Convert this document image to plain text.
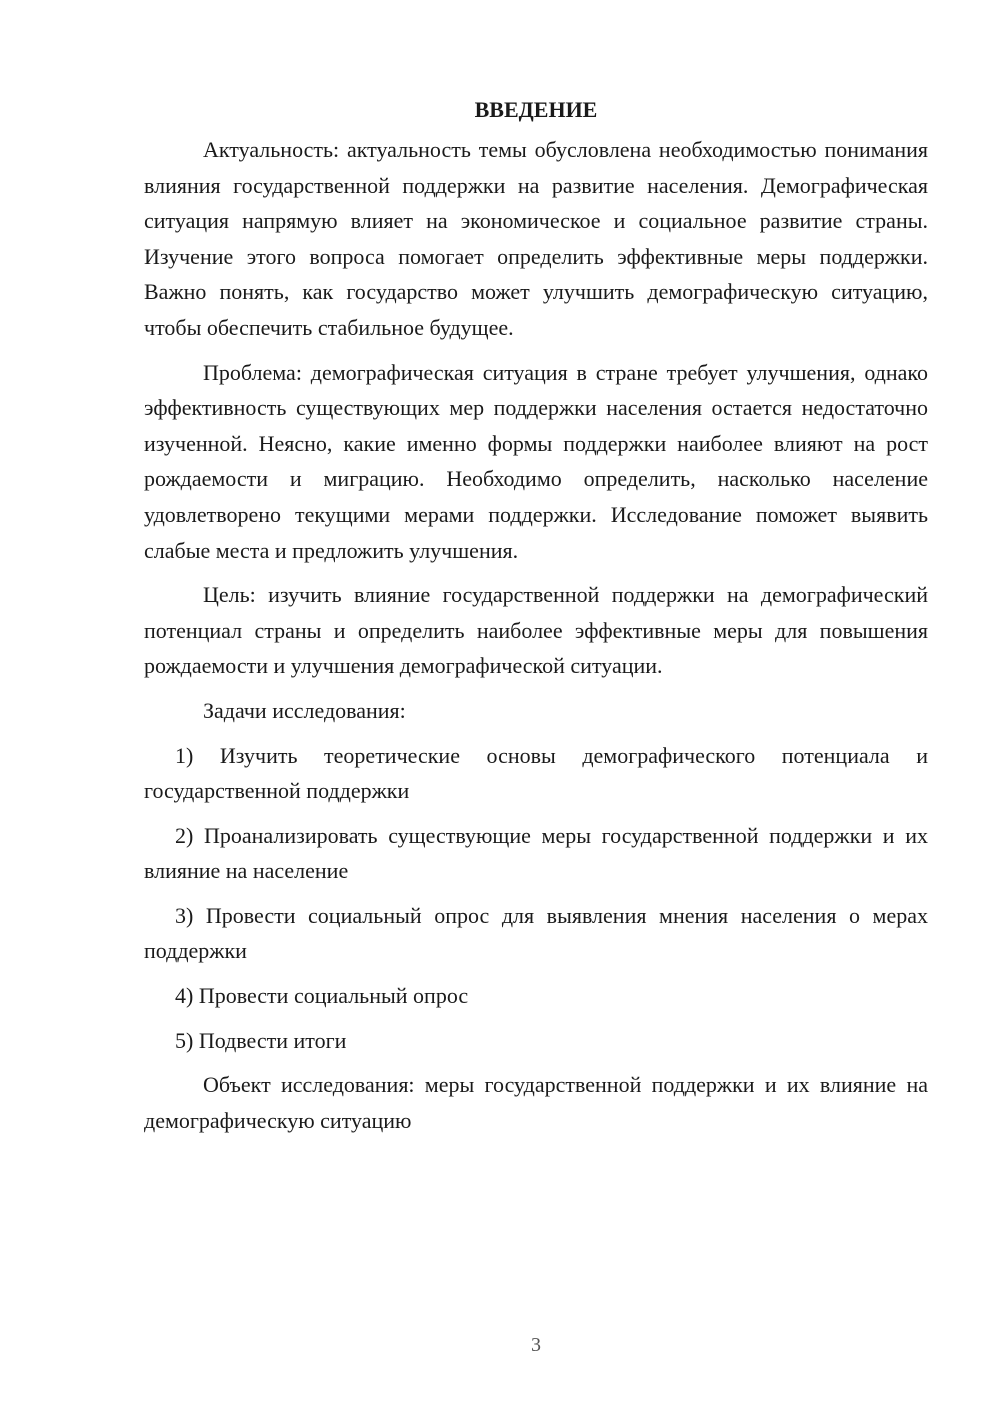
ВВЕДЕНИЕ

Актуальность: актуальность темы обусловлена необходимостью понимания влияния государственной поддержки на развитие населения. Демографическая ситуация напрямую влияет на экономическое и социальное развитие страны. Изучение этого вопроса помогает определить эффективные меры поддержки. Важно понять, как государство может улучшить демографическую ситуацию, чтобы обеспечить стабильное будущее.

Проблема: демографическая ситуация в стране требует улучшения, однако эффективность существующих мер поддержки населения остается недостаточно изученной. Неясно, какие именно формы поддержки наиболее влияют на рост рождаемости и миграцию. Необходимо определить, насколько население удовлетворено текущими мерами поддержки. Исследование поможет выявить слабые места и предложить улучшения.

Цель: изучить влияние государственной поддержки на демографический потенциал страны и определить наиболее эффективные меры для повышения рождаемости и улучшения демографической ситуации.

Задачи исследования:

1) Изучить теоретические основы демографического потенциала и государственной поддержки

2) Проанализировать существующие меры государственной поддержки и их влияние на население

3) Провести социальный опрос для выявления мнения населения о мерах поддержки

4) Провести социальный опрос

5) Подвести итоги

Объект исследования: меры государственной поддержки и их влияние на демографическую ситуацию

3
